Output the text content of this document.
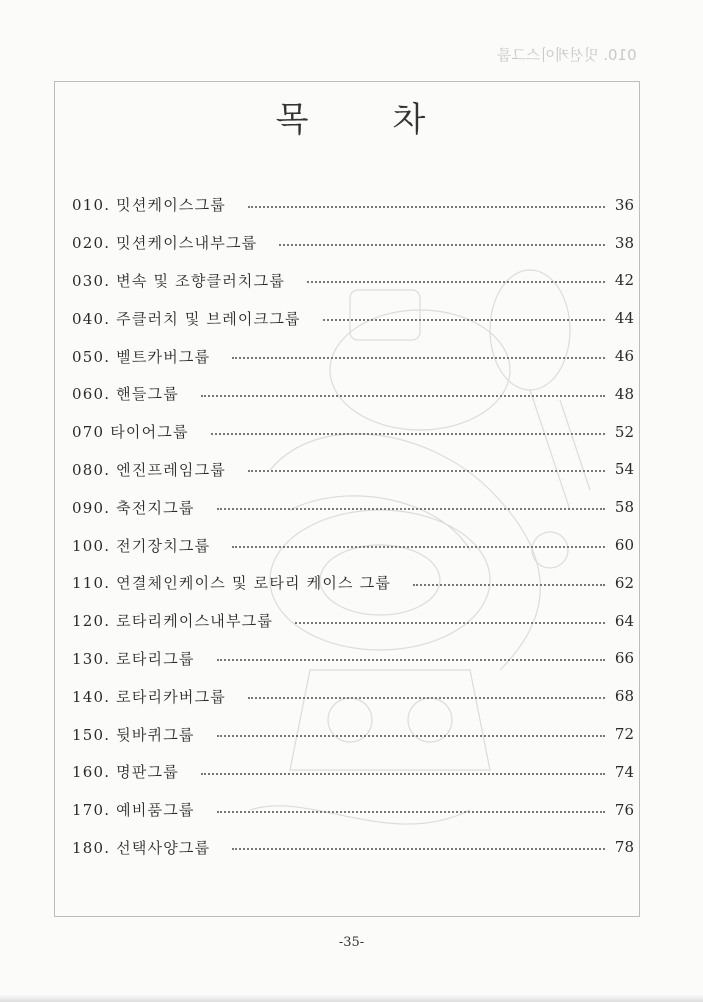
010. 밋션케이스그룹
목 차
010. 밋션케이스그룹	36
020. 밋션케이스내부그룹	38
030. 변속 및 조향클러치그룹	42
040. 주클러치 및 브레이크그룹	44
050. 벨트카버그룹	46
060. 핸들그룹	48
070 타이어그룹	52
080. 엔진프레임그룹	54
090. 축전지그룹	58
100. 전기장치그룹	60
110. 연결체인케이스 및 로타리 케이스 그룹	62
120. 로타리케이스내부그룹	64
130. 로타리그룹	66
140. 로타리카버그룹	68
150. 뒷바퀴그룹	72
160. 명판그룹	74
170. 예비품그룹	76
180. 선택사양그룹	78
-35-
